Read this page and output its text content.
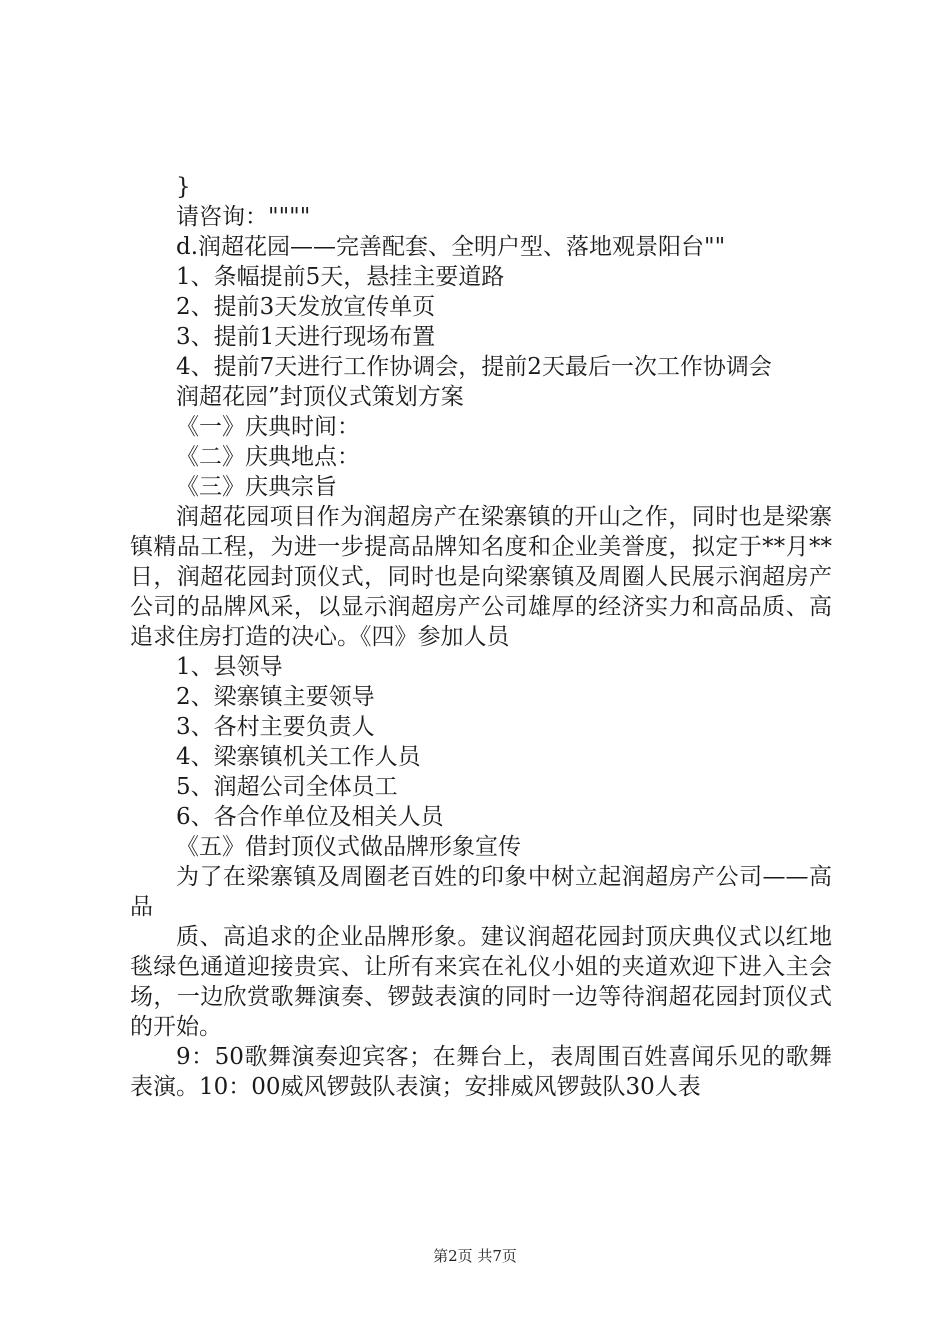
}

请咨询：""""

d.润超花园——完善配套、全明户型、落地观景阳台""

1、条幅提前5天，悬挂主要道路

2、提前3天发放宣传单页

3、提前1天进行现场布置

4、提前7天进行工作协调会，提前2天最后一次工作协调会

润超花园”封顶仪式策划方案

《一》庆典时间：

《二》庆典地点：

《三》庆典宗旨

润超花园项目作为润超房产在梁寨镇的开山之作，同时也是梁寨镇精品工程，为进一步提高品牌知名度和企业美誉度，拟定于**月**日，润超花园封顶仪式，同时也是向梁寨镇及周圈人民展示润超房产公司的品牌风采，以显示润超房产公司雄厚的经济实力和高品质、高追求住房打造的决心。《四》参加人员

1、县领导

2、梁寨镇主要领导

3、各村主要负责人

4、梁寨镇机关工作人员

5、润超公司全体员工

6、各合作单位及相关人员

《五》借封顶仪式做品牌形象宣传

为了在梁寨镇及周圈老百姓的印象中树立起润超房产公司——高品

质、高追求的企业品牌形象。建议润超花园封顶庆典仪式以红地毯绿色通道迎接贵宾、让所有来宾在礼仪小姐的夹道欢迎下进入主会场，一边欣赏歌舞演奏、锣鼓表演的同时一边等待润超花园封顶仪式的开始。

9：50歌舞演奏迎宾客；在舞台上，表周围百姓喜闻乐见的歌舞表演。10：00威风锣鼓队表演；安排威风锣鼓队30人表

第2页 共7页
